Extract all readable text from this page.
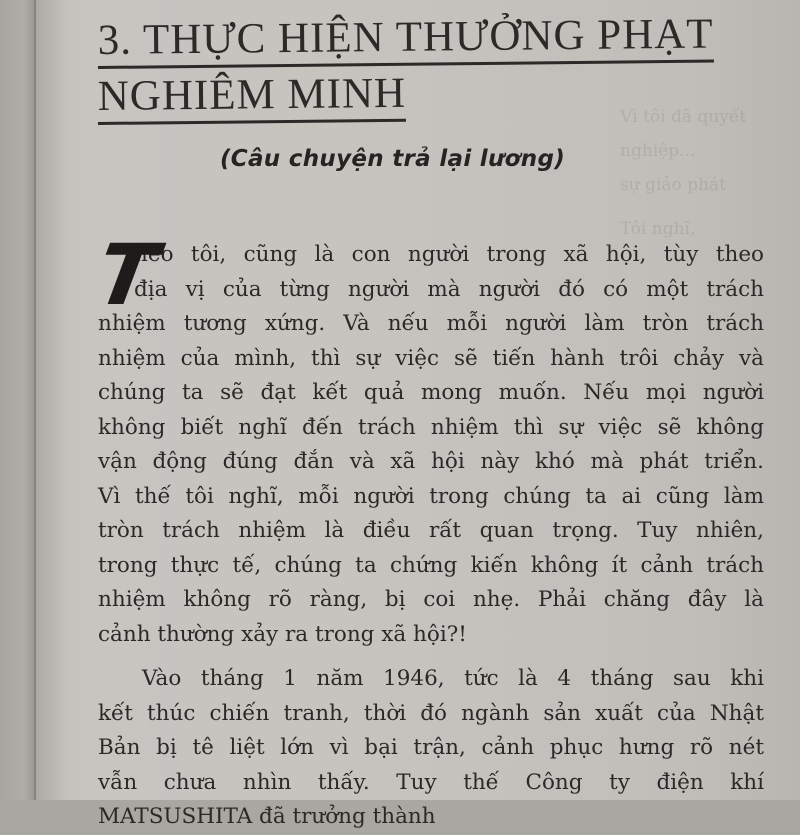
Vì tôi đã quyết
nghiệp...
sự giảo phát
Tôi nghĩ,
3. THỰC HIỆN THƯỞNG PHẠT
NGHIÊM MINH
(Câu chuyện trả lại lương)
T
heo tôi, cũng là con người trong xã hội, tùy theo
địa vị của từng người mà người đó có một trách
nhiệm tương xứng. Và nếu mỗi người làm tròn trách
nhiệm của mình, thì sự việc sẽ tiến hành trôi chảy và
chúng ta sẽ đạt kết quả mong muốn. Nếu mọi người
không biết nghĩ đến trách nhiệm thì sự việc sẽ không
vận động đúng đắn và xã hội này khó mà phát triển.
Vì thế tôi nghĩ, mỗi người trong chúng ta ai cũng làm
tròn trách nhiệm là điều rất quan trọng. Tuy nhiên,
trong thực tế, chúng ta chứng kiến không ít cảnh trách
nhiệm không rõ ràng, bị coi nhẹ. Phải chăng đây là
cảnh thường xảy ra trong xã hội?!
Vào tháng 1 năm 1946, tức là 4 tháng sau khi
kết thúc chiến tranh, thời đó ngành sản xuất của Nhật
Bản bị tê liệt lớn vì bại trận, cảnh phục hưng rõ nét
vẫn chưa nhìn thấy. Tuy thế Công ty điện khí
MATSUSHITA đã trưởng thành
